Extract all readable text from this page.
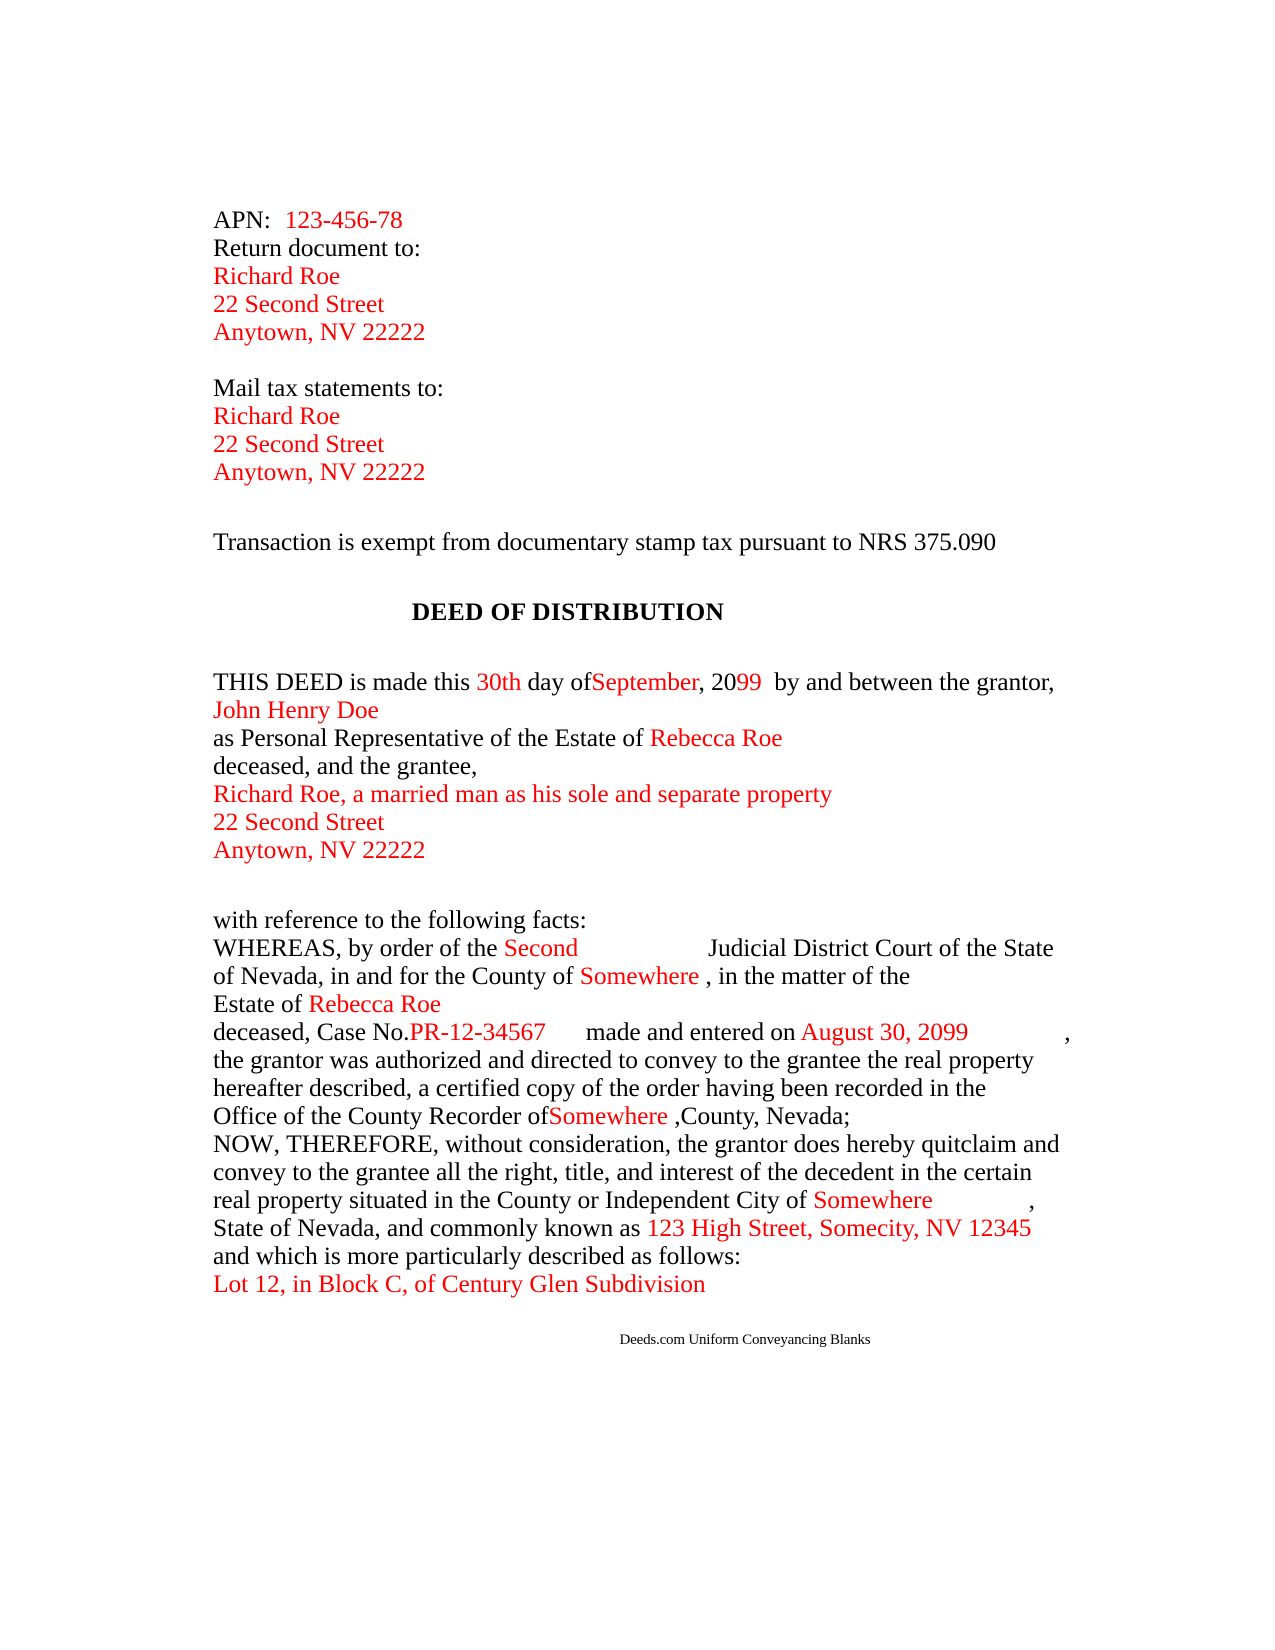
APN: 123-456-78
Return document to:
Richard Roe
22 Second Street
Anytown, NV 22222
Mail tax statements to:
Richard Roe
22 Second Street
Anytown, NV 22222
Transaction is exempt from documentary stamp tax pursuant to NRS 375.090
DEED OF DISTRIBUTION
THIS DEED is made this 30th day ofSeptember, 2099  by and between the grantor,
John Henry Doe
as Personal Representative of the Estate of Rebecca Roe
deceased, and the grantee,
Richard Roe, a married man as his sole and separate property
22 Second Street
Anytown, NV 22222
with reference to the following facts:
WHEREAS, by order of the Second	Judicial District Court of the State
of Nevada, in and for the County of Somewhere , in the matter of the
Estate of Rebecca Roe
deceased, Case No.PR-12-34567 made and entered on August 30, 2099	,
the grantor was authorized and directed to convey to the grantee the real property
hereafter described, a certified copy of the order having been recorded in the
Office of the County Recorder ofSomewhere ,County, Nevada;
NOW, THEREFORE, without consideration, the grantor does hereby quitclaim and
convey to the grantee all the right, title, and interest of the decedent in the certain
real property situated in the County or Independent City of Somewhere	,
State of Nevada, and commonly known as 123 High Street, Somecity, NV 12345
and which is more particularly described as follows:
Lot 12, in Block C, of Century Glen Subdivision
Deeds.com Uniform Conveyancing Blanks
